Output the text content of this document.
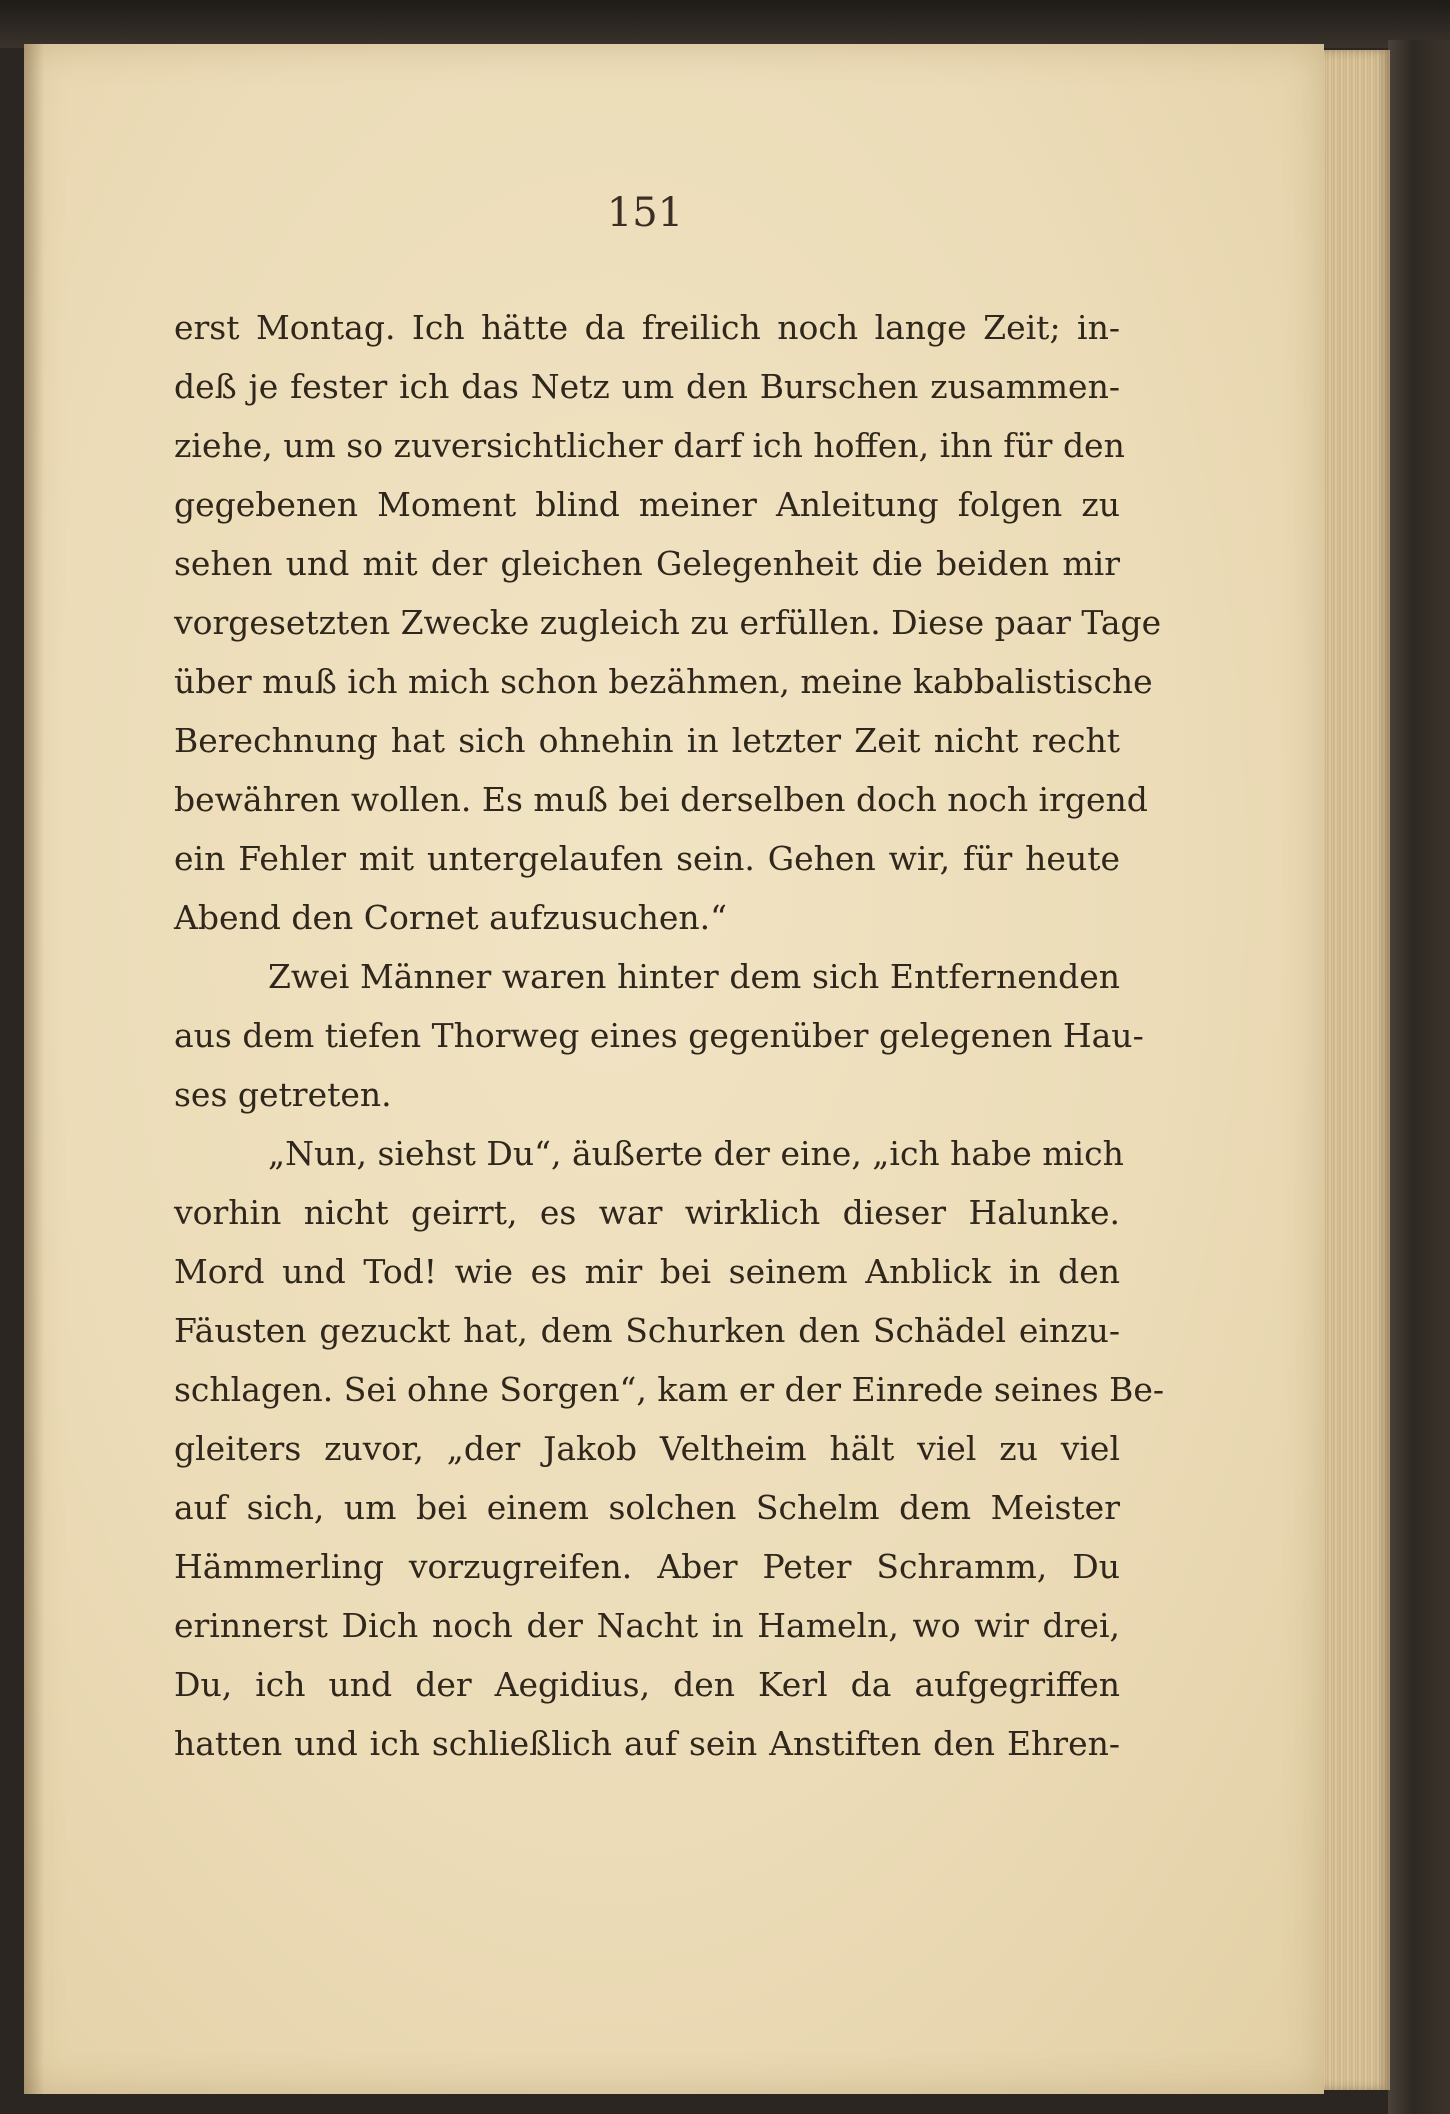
151
erst Montag. Ich hätte da freilich noch lange Zeit; in-
deß je fester ich das Netz um den Burschen zusammen-
ziehe, um so zuversichtlicher darf ich hoffen, ihn für den
gegebenen Moment blind meiner Anleitung folgen zu
sehen und mit der gleichen Gelegenheit die beiden mir
vorgesetzten Zwecke zugleich zu erfüllen. Diese paar Tage
über muß ich mich schon bezähmen, meine kabbalistische
Berechnung hat sich ohnehin in letzter Zeit nicht recht
bewähren wollen. Es muß bei derselben doch noch irgend
ein Fehler mit untergelaufen sein. Gehen wir, für heute
Abend den Cornet aufzusuchen.“
Zwei Männer waren hinter dem sich Entfernenden
aus dem tiefen Thorweg eines gegenüber gelegenen Hau-
ses getreten.
„Nun, siehst Du“, äußerte der eine, „ich habe mich
vorhin nicht geirrt, es war wirklich dieser Halunke.
Mord und Tod! wie es mir bei seinem Anblick in den
Fäusten gezuckt hat, dem Schurken den Schädel einzu-
schlagen. Sei ohne Sorgen“, kam er der Einrede seines Be-
gleiters zuvor, „der Jakob Veltheim hält viel zu viel
auf sich, um bei einem solchen Schelm dem Meister
Hämmerling vorzugreifen. Aber Peter Schramm, Du
erinnerst Dich noch der Nacht in Hameln, wo wir drei,
Du, ich und der Aegidius, den Kerl da aufgegriffen
hatten und ich schließlich auf sein Anstiften den Ehren-
